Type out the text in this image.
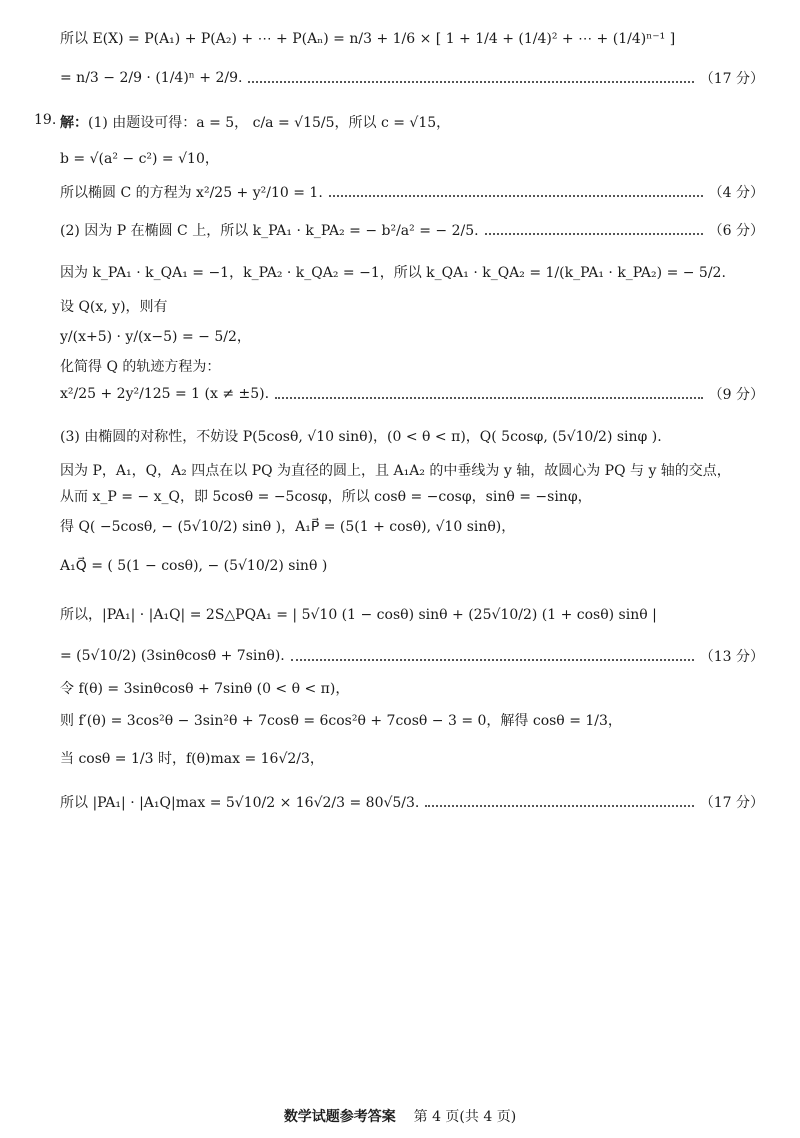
所以 E(X) = P(A₁) + P(A₂) + ⋯ + P(Aₙ) = n/3 + 1/6 × [ 1 + 1/4 + (1/4)² + ⋯ + (1/4)ⁿ⁻¹ ]
= n/3 − 2/9 · (1/4)ⁿ + 2/9.	（17 分）
19. 解： (1) 由题设可得：a = 5， c/a = √15/5，所以 c = √15，
b = √(a² − c²) = √10，
所以椭圆 C 的方程为 x²/25 + y²/10 = 1.	（4 分）
(2) 因为 P 在椭圆 C 上，所以 k_PA₁ · k_PA₂ = − b²/a² = − 2/5.	（6 分）
因为 k_PA₁ · k_QA₁ = −1，k_PA₂ · k_QA₂ = −1，所以 k_QA₁ · k_QA₂ = 1/(k_PA₁ · k_PA₂) = − 5/2.
设 Q(x, y)，则有
y/(x+5) · y/(x−5) = − 5/2，
化简得 Q 的轨迹方程为：
x²/25 + 2y²/125 = 1 (x ≠ ±5).	（9 分）
(3) 由椭圆的对称性，不妨设 P(5cosθ, √10 sinθ)，(0 < θ < π)，Q( 5cosφ, (5√10/2) sinφ ).
因为 P，A₁，Q，A₂ 四点在以 PQ 为直径的圆上，且 A₁A₂ 的中垂线为 y 轴，故圆心为 PQ 与 y 轴的交点，
从而 x_P = − x_Q，即 5cosθ = −5cosφ，所以 cosθ = −cosφ，sinθ = −sinφ，
得 Q( −5cosθ, − (5√10/2) sinθ )，A₁P⃗ = (5(1 + cosθ), √10 sinθ)，
A₁Q⃗ = ( 5(1 − cosθ), − (5√10/2) sinθ )
所以，|PA₁| · |A₁Q| = 2S△PQA₁ = | 5√10 (1 − cosθ) sinθ + (25√10/2) (1 + cosθ) sinθ |
= (5√10/2) (3sinθcosθ + 7sinθ).	（13 分）
令 f(θ) = 3sinθcosθ + 7sinθ (0 < θ < π)，
则 f′(θ) = 3cos²θ − 3sin²θ + 7cosθ = 6cos²θ + 7cosθ − 3 = 0，解得 cosθ = 1/3，
当 cosθ = 1/3 时，f(θ)max = 16√2/3，
所以 |PA₁| · |A₁Q|max = 5√10/2 × 16√2/3 = 80√5/3.	（17 分）
数学试题参考答案 第 4 页(共 4 页)
